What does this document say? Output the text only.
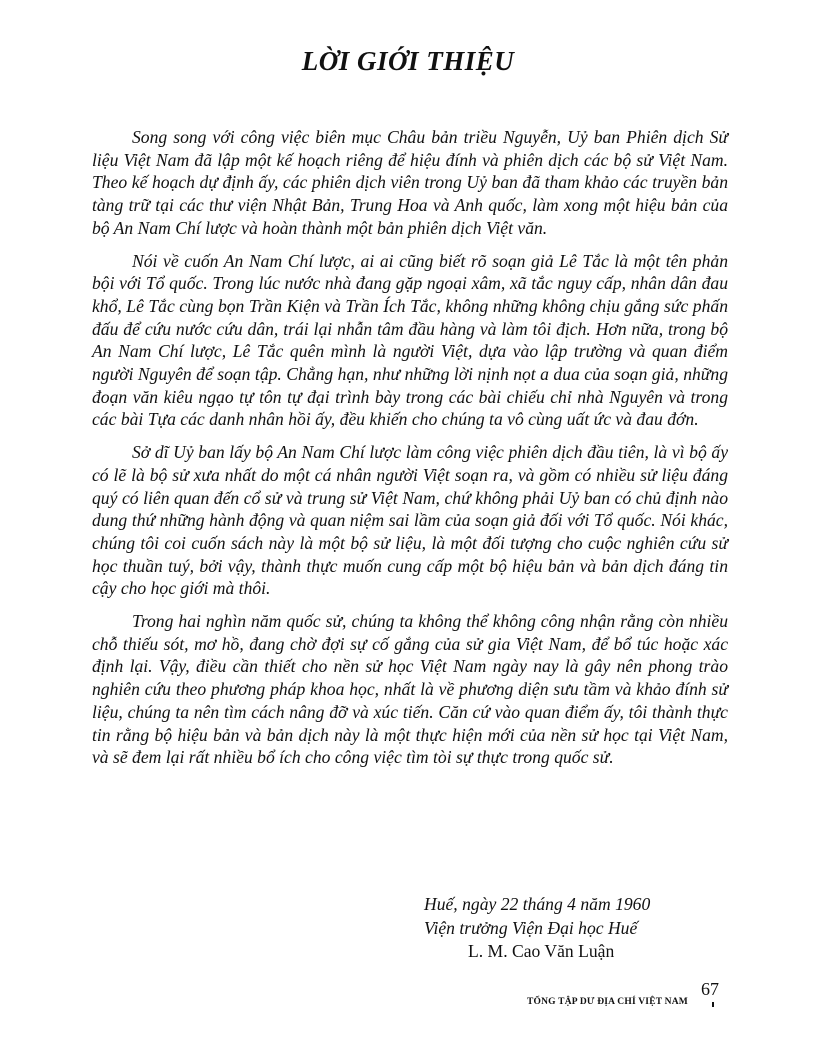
LỜI GIỚI THIỆU

Song song với công việc biên mục Châu bản triều Nguyễn, Uỷ ban Phiên dịch Sử liệu Việt Nam đã lập một kế hoạch riêng để hiệu đính và phiên dịch các bộ sử Việt Nam. Theo kế hoạch dự định ấy, các phiên dịch viên trong Uỷ ban đã tham khảo các truyền bản tàng trữ tại các thư viện Nhật Bản, Trung Hoa và Anh quốc, làm xong một hiệu bản của bộ An Nam Chí lược và hoàn thành một bản phiên dịch Việt văn.

Nói về cuốn An Nam Chí lược, ai ai cũng biết rõ soạn giả Lê Tắc là một tên phản bội với Tổ quốc. Trong lúc nước nhà đang gặp ngoại xâm, xã tắc nguy cấp, nhân dân đau khổ, Lê Tắc cùng bọn Trần Kiện và Trần Ích Tắc, không những không chịu gắng sức phấn đấu để cứu nước cứu dân, trái lại nhẫn tâm đầu hàng và làm tôi địch. Hơn nữa, trong bộ An Nam Chí lược, Lê Tắc quên mình là người Việt, dựa vào lập trường và quan điểm người Nguyên để soạn tập. Chẳng hạn, như những lời nịnh nọt a dua của soạn giả, những đoạn văn kiêu ngạo tự tôn tự đại trình bày trong các bài chiếu chỉ nhà Nguyên và trong các bài Tựa các danh nhân hồi ấy, đều khiến cho chúng ta vô cùng uất ức và đau đớn.

Sở dĩ Uỷ ban lấy bộ An Nam Chí lược làm công việc phiên dịch đầu tiên, là vì bộ ấy có lẽ là bộ sử xưa nhất do một cá nhân người Việt soạn ra, và gồm có nhiều sử liệu đáng quý có liên quan đến cổ sử và trung sử Việt Nam, chứ không phải Uỷ ban có chủ định nào dung thứ những hành động và quan niệm sai lầm của soạn giả đối với Tổ quốc. Nói khác, chúng tôi coi cuốn sách này là một bộ sử liệu, là một đối tượng cho cuộc nghiên cứu sử học thuần tuý, bởi vậy, thành thực muốn cung cấp một bộ hiệu bản và bản dịch đáng tin cậy cho học giới mà thôi.

Trong hai nghìn năm quốc sử, chúng ta không thể không công nhận rằng còn nhiều chỗ thiếu sót, mơ hồ, đang chờ đợi sự cố gắng của sử gia Việt Nam, để bổ túc hoặc xác định lại. Vậy, điều cần thiết cho nền sử học Việt Nam ngày nay là gây nên phong trào nghiên cứu theo phương pháp khoa học, nhất là về phương diện sưu tầm và khảo đính sử liệu, chúng ta nên tìm cách nâng đỡ và xúc tiến. Căn cứ vào quan điểm ấy, tôi thành thực tin rằng bộ hiệu bản và bản dịch này là một thực hiện mới của nền sử học tại Việt Nam, và sẽ đem lại rất nhiều bổ ích cho công việc tìm tòi sự thực trong quốc sử.

Huế, ngày 22 tháng 4 năm 1960
Viện trưởng Viện Đại học Huế
L. M. Cao Văn Luận
TỔNG TẬP DƯ ĐỊA CHÍ VIỆT NAM
67
